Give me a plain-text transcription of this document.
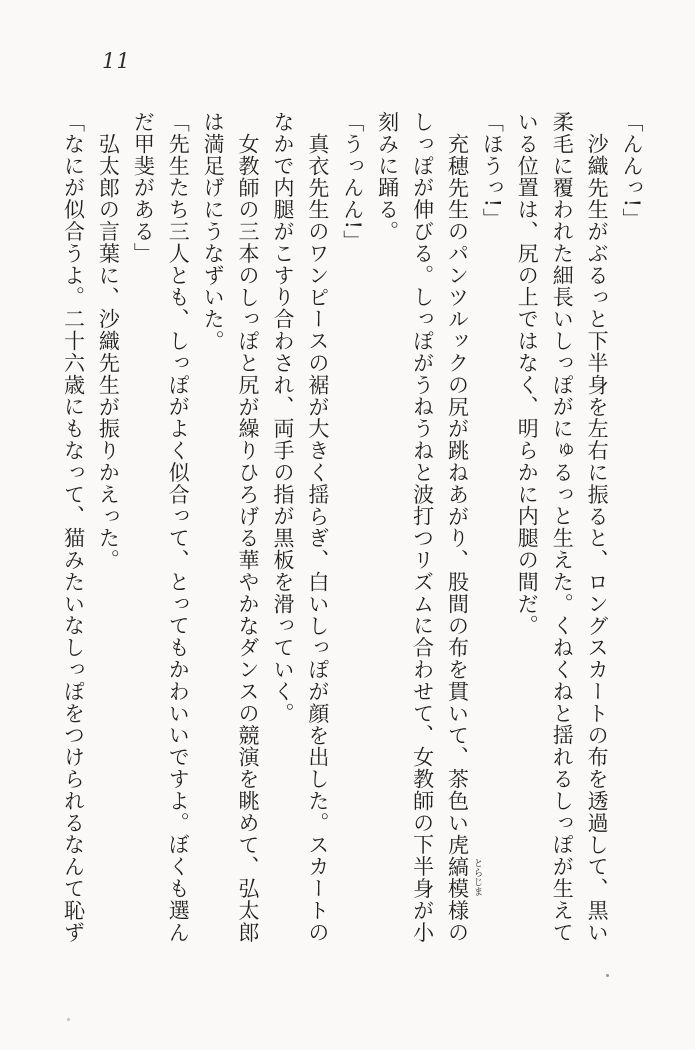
11

「んんっ!」

沙織先生がぶるっと下半身を左右に振ると、ロングスカートの布を透過して、黒い柔毛に覆われた細長いしっぽがにゅるっと生えた。くねくねと揺れるしっぽが生えている位置は、尻の上ではなく、明らかに内腿の間だ。

「ほうっ!」

充穂先生のパンツルックの尻が跳ねあがり、股間の布を貫いて、茶色い虎縞 とらじま
模様のしっぽが伸びる。しっぽがうねうねと波打つリズムに合わせて、女教師の下半身が小刻みに踊る。

「うっんん!」

真衣先生のワンピースの裾が大きく揺らぎ、白いしっぽが顔を出した。スカートのなかで内腿がこすり合わされ、両手の指が黒板を滑っていく。

女教師の三本のしっぽと尻が繰りひろげる華やかなダンスの競演を眺めて、弘太郎は満足げにうなずいた。

「先生たち三人とも、しっぽがよく似合って、とってもかわいいですよ。ぼくも選んだ甲斐がある」

弘太郎の言葉に、沙織先生が振りかえった。

「なにが似合うよ。二十六歳にもなって、猫みたいなしっぽをつけられるなんて恥ず
